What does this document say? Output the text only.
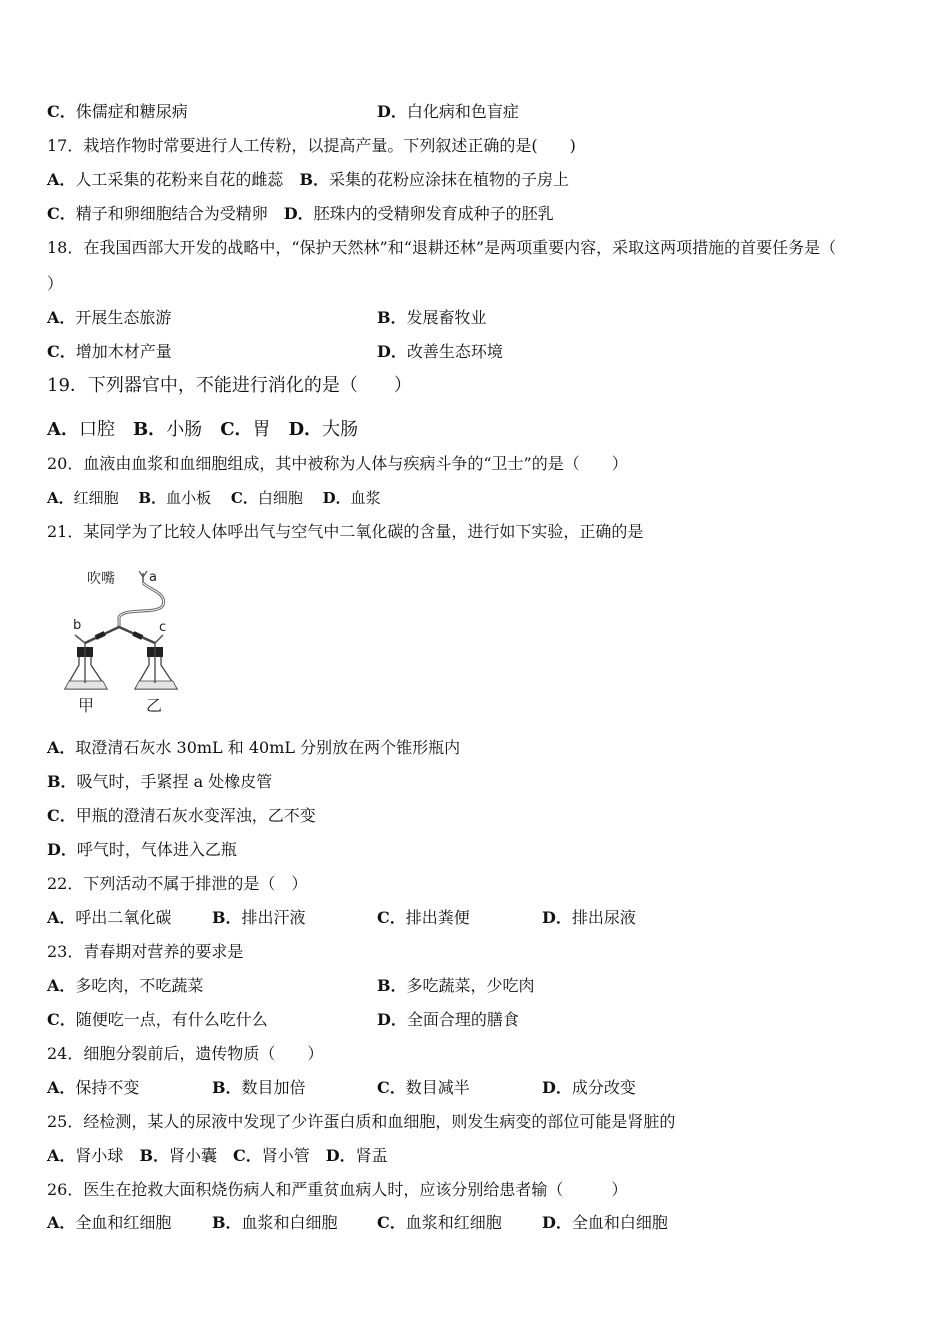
C．侏儒症和糖尿病	D．白化病和色盲症
17．栽培作物时常要进行人工传粉，以提高产量。下列叙述正确的是(　　)
A．人工采集的花粉来自花的雌蕊　B．采集的花粉应涂抹在植物的子房上
C．精子和卵细胞结合为受精卵　D．胚珠内的受精卵发育成种子的胚乳
18．在我国西部大开发的战略中，“保护天然林”和“退耕还林”是两项重要内容，采取这两项措施的首要任务是（
）
A．开展生态旅游	B．发展畜牧业
C．增加木材产量	D．改善生态环境
19．下列器官中，不能进行消化的是（　　）
A．口腔　B．小肠　C．胃　D．大肠
20．血液由血浆和血细胞组成，其中被称为人体与疾病斗争的“卫士”的是（　　）
A．红细胞　 B．血小板　 C．白细胞　 D．血浆
21．某同学为了比较人体呼出气与空气中二氧化碳的含量，进行如下实验，正确的是
吹嘴	a
b	c
甲	乙
A．取澄清石灰水 30mL 和 40mL 分别放在两个锥形瓶内
B．吸气时，手紧捏 a 处橡皮管
C．甲瓶的澄清石灰水变浑浊，乙不变
D．呼气时，气体进入乙瓶
22．下列活动不属于排泄的是（　）
A．呼出二氧化碳	B．排出汗液	C．排出粪便	D．排出尿液
23．青春期对营养的要求是
A．多吃肉，不吃蔬菜	B．多吃蔬菜，少吃肉
C．随便吃一点，有什么吃什么	D．全面合理的膳食
24．细胞分裂前后，遗传物质（　　）
A．保持不变	B．数目加倍	C．数目减半	D．成分改变
25．经检测，某人的尿液中发现了少许蛋白质和血细胞，则发生病变的部位可能是肾脏的
A．肾小球　B．肾小囊　C．肾小管　D．肾盂
26．医生在抢救大面积烧伤病人和严重贫血病人时，应该分别给患者输（　　　）
A．全血和红细胞	B．血浆和白细胞 C．血浆和红细胞	D．全血和白细胞
